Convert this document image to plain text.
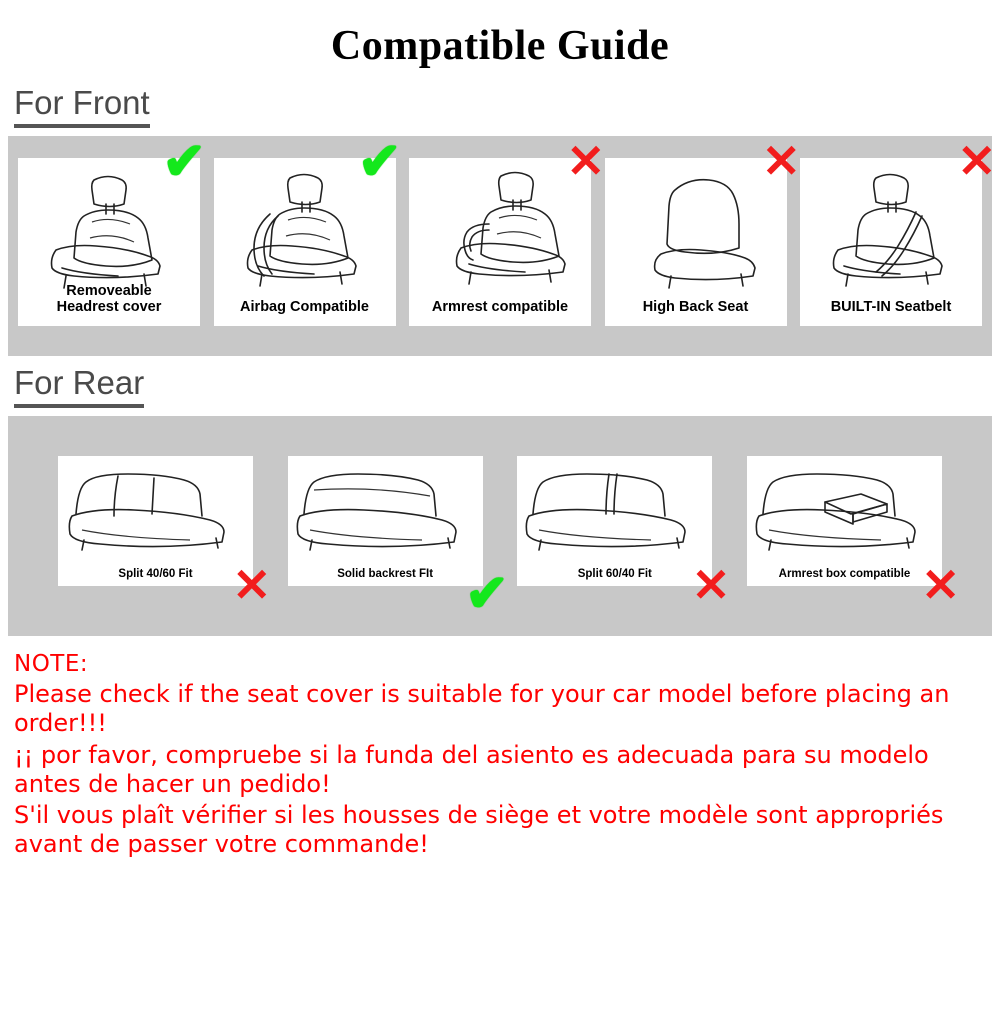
Compatible Guide
For Front
Removeable
Headrest cover
✔
Airbag Compatible
✔
Armrest compatible
✕
High Back Seat
✕
BUILT-IN Seatbelt
✕
For Rear
Split 40/60 Fit ✕	Solid backrest FIt ✔	Split 60/40 Fit ✕	Armrest box compatible ✕
NOTE:

Please check if the seat cover is suitable for your car model before placing an order!!!

¡¡ por favor, compruebe si la funda del asiento es adecuada para su modelo antes de hacer un pedido!

S'il vous plaît vérifier si les housses de siège et votre modèle sont appropriés avant de passer votre commande!
